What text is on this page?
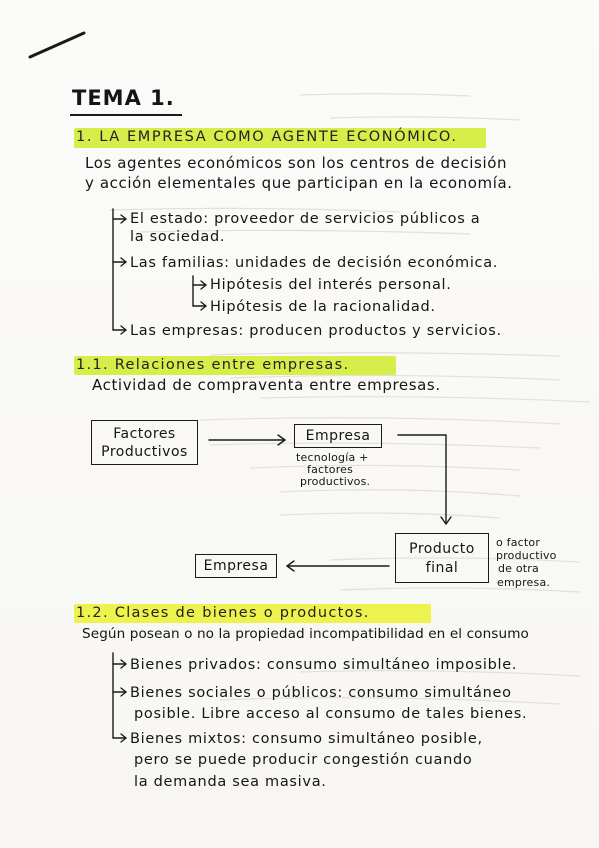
TEMA 1.
1. LA EMPRESA COMO AGENTE ECONÓMICO.
Los agentes económicos son los centros de decisión
y acción elementales que participan en la economía.
El estado: proveedor de servicios públicos a
la sociedad.
Las familias: unidades de decisión económica.
Hipótesis del interés personal.
Hipótesis de la racionalidad.
Las empresas: producen productos y servicios.
1.1. Relaciones entre empresas.
Actividad de compraventa entre empresas.
Factores
Productivos
Empresa
tecnología +
factores
productivos.
Producto
final
o factor
productivo
de otra
empresa.
Empresa
1.2. Clases de bienes o productos.
Según posean o no la propiedad incompatibilidad en el consumo
Bienes privados: consumo simultáneo imposible.
Bienes sociales o públicos: consumo simultáneo
posible. Libre acceso al consumo de tales bienes.
Bienes mixtos: consumo simultáneo posible,
pero se puede producir congestión cuando
la demanda sea masiva.
